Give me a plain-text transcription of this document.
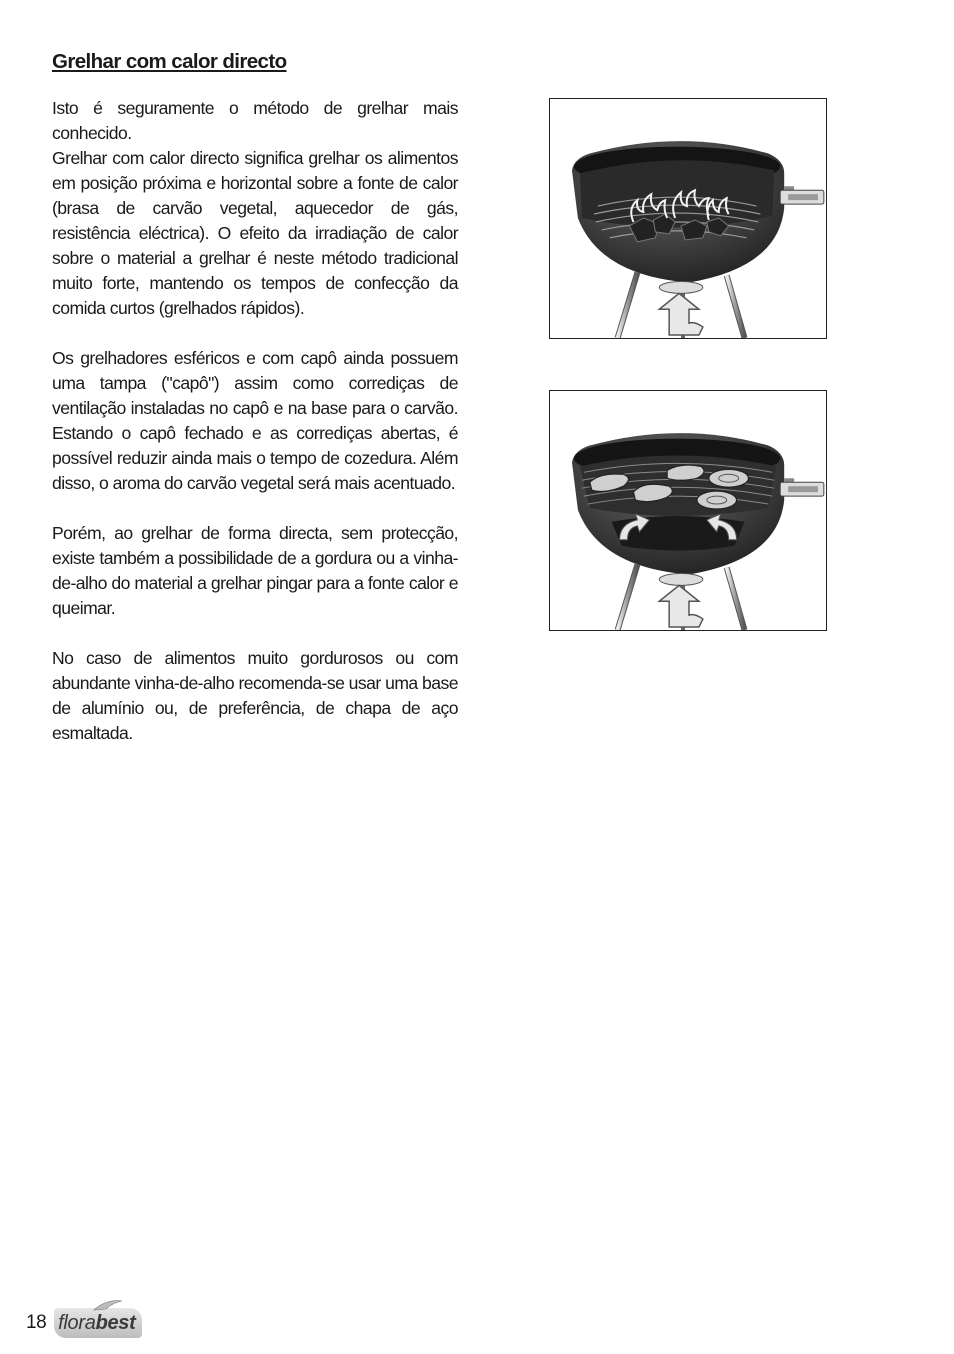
Grelhar com calor directo

Isto é seguramente o método de grelhar mais conhecido.
Grelhar com calor directo significa grelhar os alimentos em posição próxima e horizontal sobre a fonte de calor (brasa de carvão vegetal, aquecedor de gás, resistência eléctrica). O efeito da irradiação de calor sobre o material a grelhar é neste método tradicional muito forte, mantendo os tempos de confecção da comida curtos (grelhados rápidos).

Os grelhadores esféricos e com capô ainda possuem uma tampa ("capô") assim como corrediças de ventilação instaladas no capô e na base para o carvão. Estando o capô fechado e as corrediças abertas, é possível reduzir ainda mais o tempo de cozedura. Além disso, o aroma do carvão vegetal será mais acentuado.

Porém, ao grelhar de forma directa, sem protecção, existe também a possibilidade de a gordura ou a vinha-de-alho do material a grelhar pingar para a fonte calor e queimar.

No caso de alimentos muito gordurosos ou com abundante vinha-de-alho recomenda-se usar uma base de alumínio ou, de preferência, de chapa de aço esmaltada.

18 flora best
